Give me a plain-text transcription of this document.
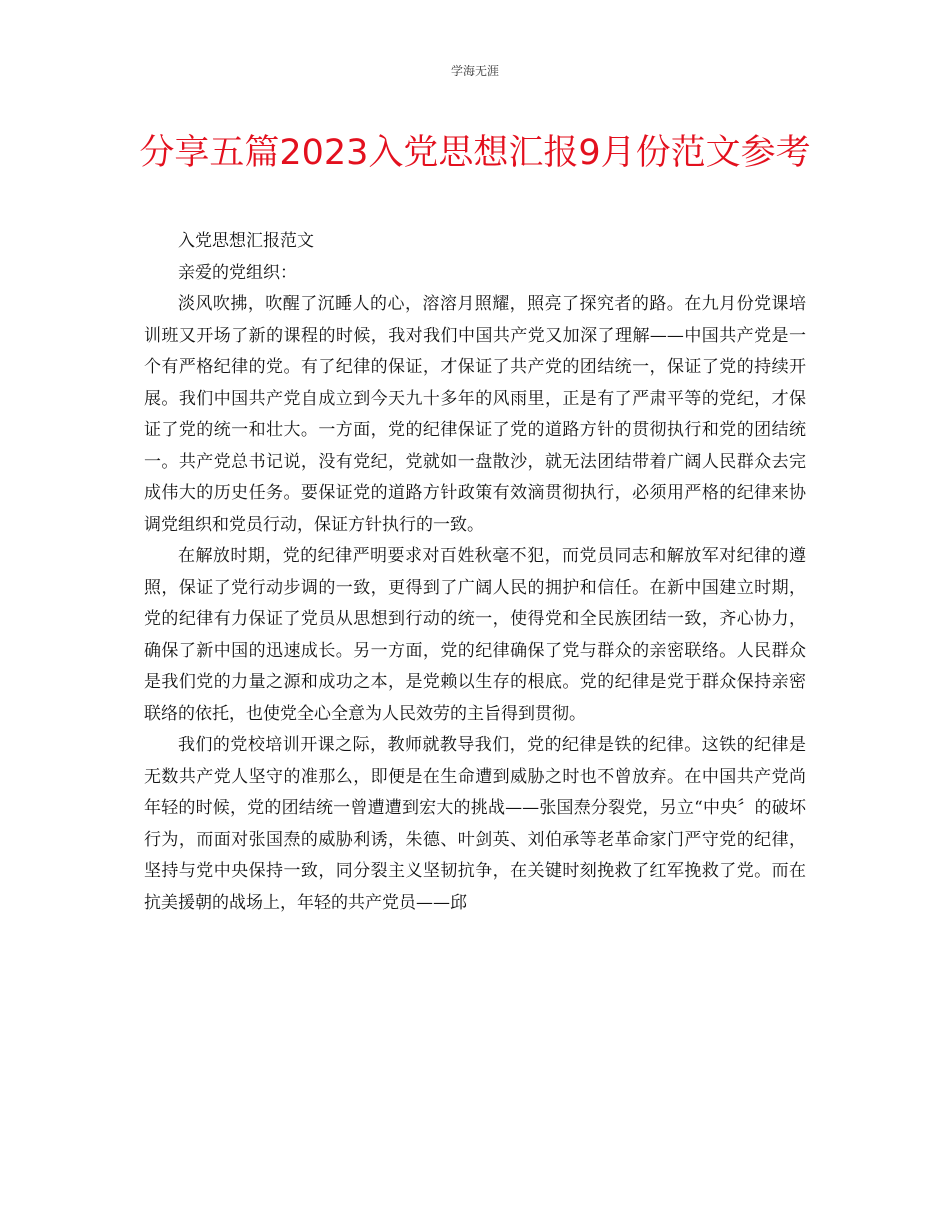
学海无涯
分享五篇2023入党思想汇报9月份范文参考

入党思想汇报范文

亲爱的党组织：

淡风吹拂，吹醒了沉睡人的心，溶溶月照耀，照亮了探究者的路。在九月份党课培训班又开场了新的课程的时候，我对我们中国共产党又加深了理解——中国共产党是一个有严格纪律的党。有了纪律的保证，才保证了共产党的团结统一，保证了党的持续开展。我们中国共产党自成立到今天九十多年的风雨里，正是有了严肃平等的党纪，才保证了党的统一和壮大。一方面，党的纪律保证了党的道路方针的贯彻执行和党的团结统一。共产党总书记说，没有党纪，党就如一盘散沙，就无法团结带着广阔人民群众去完成伟大的历史任务。要保证党的道路方针政策有效滴贯彻执行，必须用严格的纪律来协调党组织和党员行动，保证方针执行的一致。

在解放时期，党的纪律严明要求对百姓秋毫不犯，而党员同志和解放军对纪律的遵照，保证了党行动步调的一致，更得到了广阔人民的拥护和信任。在新中国建立时期，党的纪律有力保证了党员从思想到行动的统一，使得党和全民族团结一致，齐心协力，确保了新中国的迅速成长。另一方面，党的纪律确保了党与群众的亲密联络。人民群众是我们党的力量之源和成功之本，是党赖以生存的根底。党的纪律是党于群众保持亲密联络的依托，也使党全心全意为人民效劳的主旨得到贯彻。

我们的党校培训开课之际，教师就教导我们，党的纪律是铁的纪律。这铁的纪律是无数共产党人坚守的准那么，即便是在生命遭到威胁之时也不曾放弃。在中国共产党尚年轻的时候，党的团结统一曾遭遭到宏大的挑战——张国焘分裂党，另立“中央〞的破坏行为，而面对张国焘的威胁利诱，朱德、叶剑英、刘伯承等老革命家门严守党的纪律，坚持与党中央保持一致，同分裂主义坚韧抗争，在关键时刻挽救了红军挽救了党。而在抗美援朝的战场上，年轻的共产党员——邱
